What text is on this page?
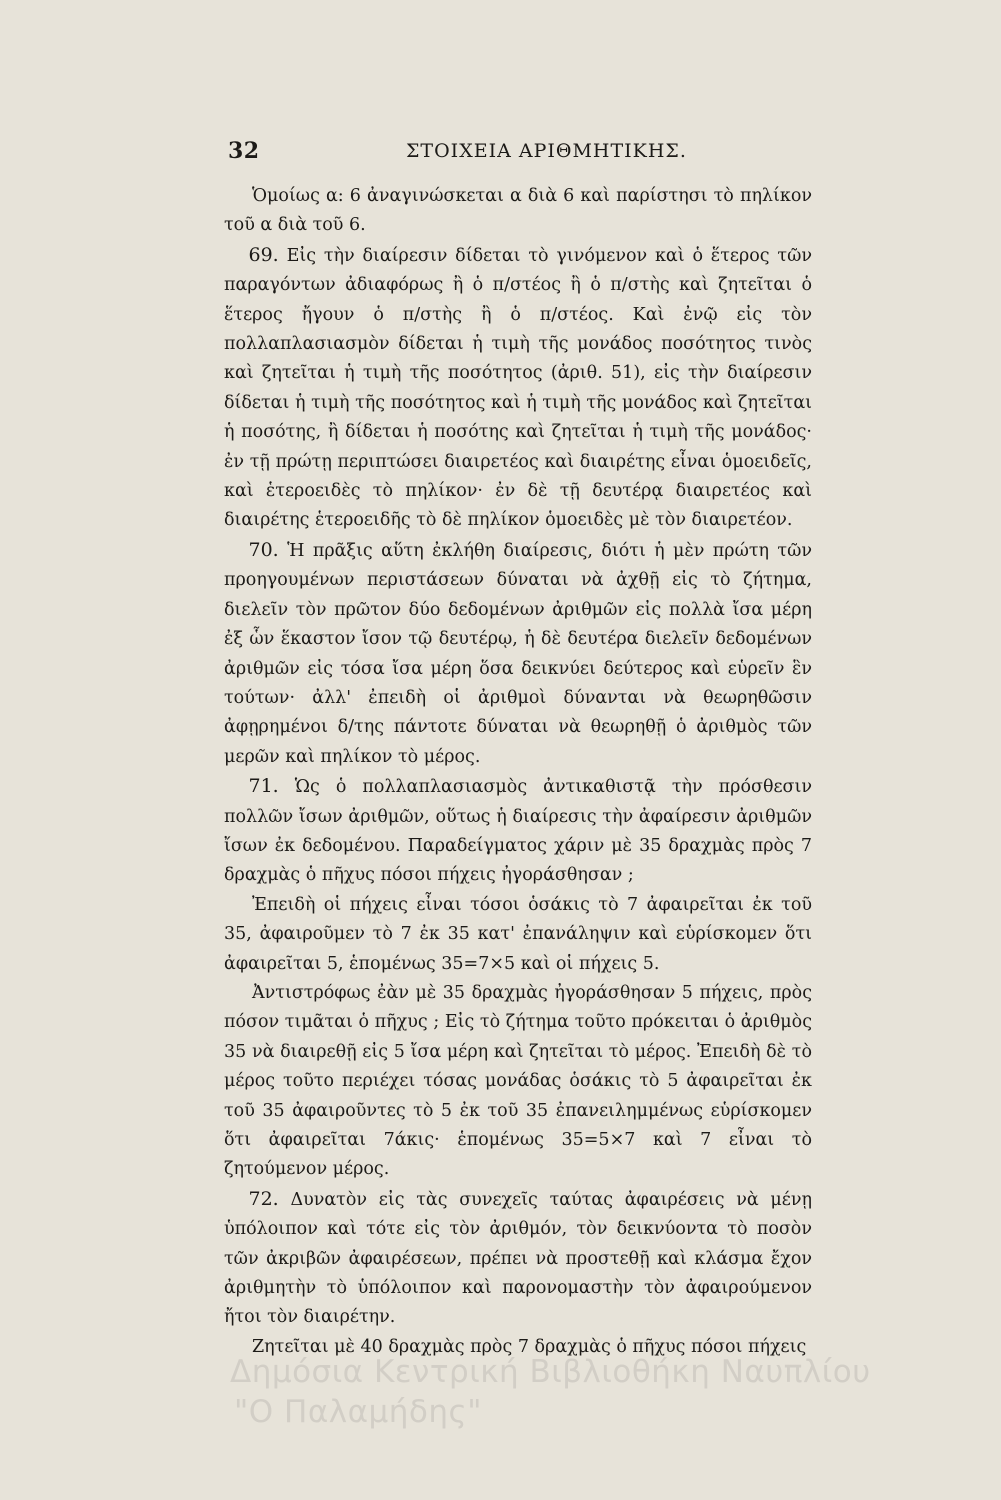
32	ΣΤΟΙΧΕΙΑ ΑΡΙΘΜΗΤΙΚΗΣ.

Ὁμοίως α: 6 ἀναγινώσκεται α διὰ 6 καὶ παρίστησι τὸ πηλίκον τοῦ α διὰ τοῦ 6.

69. Εἰς τὴν διαίρεσιν δίδεται τὸ γινόμενον καὶ ὁ ἕτερος τῶν παραγόντων ἀδιαφόρως ἢ ὁ π/στέος ἢ ὁ π/στὴς καὶ ζητεῖται ὁ ἕτερος ἤγουν ὁ π/στὴς ἢ ὁ π/στέος. Καὶ ἐνῷ εἰς τὸν πολλαπλασιασμὸν δίδεται ἡ τιμὴ τῆς μονάδος ποσότητος τινὸς καὶ ζητεῖται ἡ τιμὴ τῆς ποσότητος (ἀριθ. 51), εἰς τὴν διαίρεσιν δίδεται ἡ τιμὴ τῆς ποσότητος καὶ ἡ τιμὴ τῆς μονάδος καὶ ζητεῖται ἡ ποσότης, ἢ δίδεται ἡ ποσότης καὶ ζητεῖται ἡ τιμὴ τῆς μονάδος· ἐν τῇ πρώτῃ περιπτώσει διαιρετέος καὶ διαιρέτης εἶναι ὁμοειδεῖς, καὶ ἑτεροειδὲς τὸ πηλίκον· ἐν δὲ τῇ δευτέρᾳ διαιρετέος καὶ διαιρέτης ἑτεροειδῆς τὸ δὲ πηλίκον ὁμοειδὲς μὲ τὸν διαιρετέον.

70. Ἡ πρᾶξις αὕτη ἐκλήθη διαίρεσις, διότι ἡ μὲν πρώτη τῶν προηγουμένων περιστάσεων δύναται νὰ ἀχθῇ εἰς τὸ ζήτημα, διελεῖν τὸν πρῶτον δύο δεδομένων ἀριθμῶν εἰς πολλὰ ἴσα μέρη ἐξ ὧν ἕκαστον ἴσον τῷ δευτέρῳ, ἡ δὲ δευτέρα διελεῖν δεδομένων ἀριθμῶν εἰς τόσα ἴσα μέρη ὅσα δεικνύει δεύτερος καὶ εὑρεῖν ἓν τούτων· ἀλλ' ἐπειδὴ οἱ ἀριθμοὶ δύνανται νὰ θεωρηθῶσιν ἀφῃρημένοι δ/της πάντοτε δύναται νὰ θεωρηθῇ ὁ ἀριθμὸς τῶν μερῶν καὶ πηλίκον τὸ μέρος.

71. Ὡς ὁ πολλαπλασιασμὸς ἀντικαθιστᾷ τὴν πρόσθεσιν πολλῶν ἴσων ἀριθμῶν, οὕτως ἡ διαίρεσις τὴν ἀφαίρεσιν ἀριθμῶν ἴσων ἐκ δεδομένου. Παραδείγματος χάριν μὲ 35 δραχμὰς πρὸς 7 δραχμὰς ὁ πῆχυς πόσοι πήχεις ἠγοράσθησαν ;

Ἐπειδὴ οἱ πήχεις εἶναι τόσοι ὁσάκις τὸ 7 ἀφαιρεῖται ἐκ τοῦ 35, ἀφαιροῦμεν τὸ 7 ἐκ 35 κατ' ἐπανάληψιν καὶ εὑρίσκομεν ὅτι ἀφαιρεῖται 5, ἑπομένως 35=7×5 καὶ οἱ πήχεις 5.

Ἀντιστρόφως ἐὰν μὲ 35 δραχμὰς ἠγοράσθησαν 5 πήχεις, πρὸς πόσον τιμᾶται ὁ πῆχυς ; Εἰς τὸ ζήτημα τοῦτο πρόκειται ὁ ἀριθμὸς 35 νὰ διαιρεθῇ εἰς 5 ἴσα μέρη καὶ ζητεῖται τὸ μέρος. Ἐπειδὴ δὲ τὸ μέρος τοῦτο περιέχει τόσας μονάδας ὁσάκις τὸ 5 ἀφαιρεῖται ἐκ τοῦ 35 ἀφαιροῦντες τὸ 5 ἐκ τοῦ 35 ἐπανειλημμένως εὑρίσκομεν ὅτι ἀφαιρεῖται 7άκις· ἑπομένως 35=5×7 καὶ 7 εἶναι τὸ ζητούμενον μέρος.

72. Δυνατὸν εἰς τὰς συνεχεῖς ταύτας ἀφαιρέσεις νὰ μένῃ ὑπόλοιπον καὶ τότε εἰς τὸν ἀριθμόν, τὸν δεικνύοντα τὸ ποσὸν τῶν ἀκριβῶν ἀφαιρέσεων, πρέπει νὰ προστεθῇ καὶ κλάσμα ἔχον ἀριθμητὴν τὸ ὑπόλοιπον καὶ παρονομαστὴν τὸν ἀφαιρούμενον ἤτοι τὸν διαιρέτην.

Ζητεῖται μὲ 40 δραχμὰς πρὸς 7 δραχμὰς ὁ πῆχυς πόσοι πήχεις

Δημόσια Κεντρική Βιβλιοθήκη Ναυπλίου
"Ο Παλαμήδης"
